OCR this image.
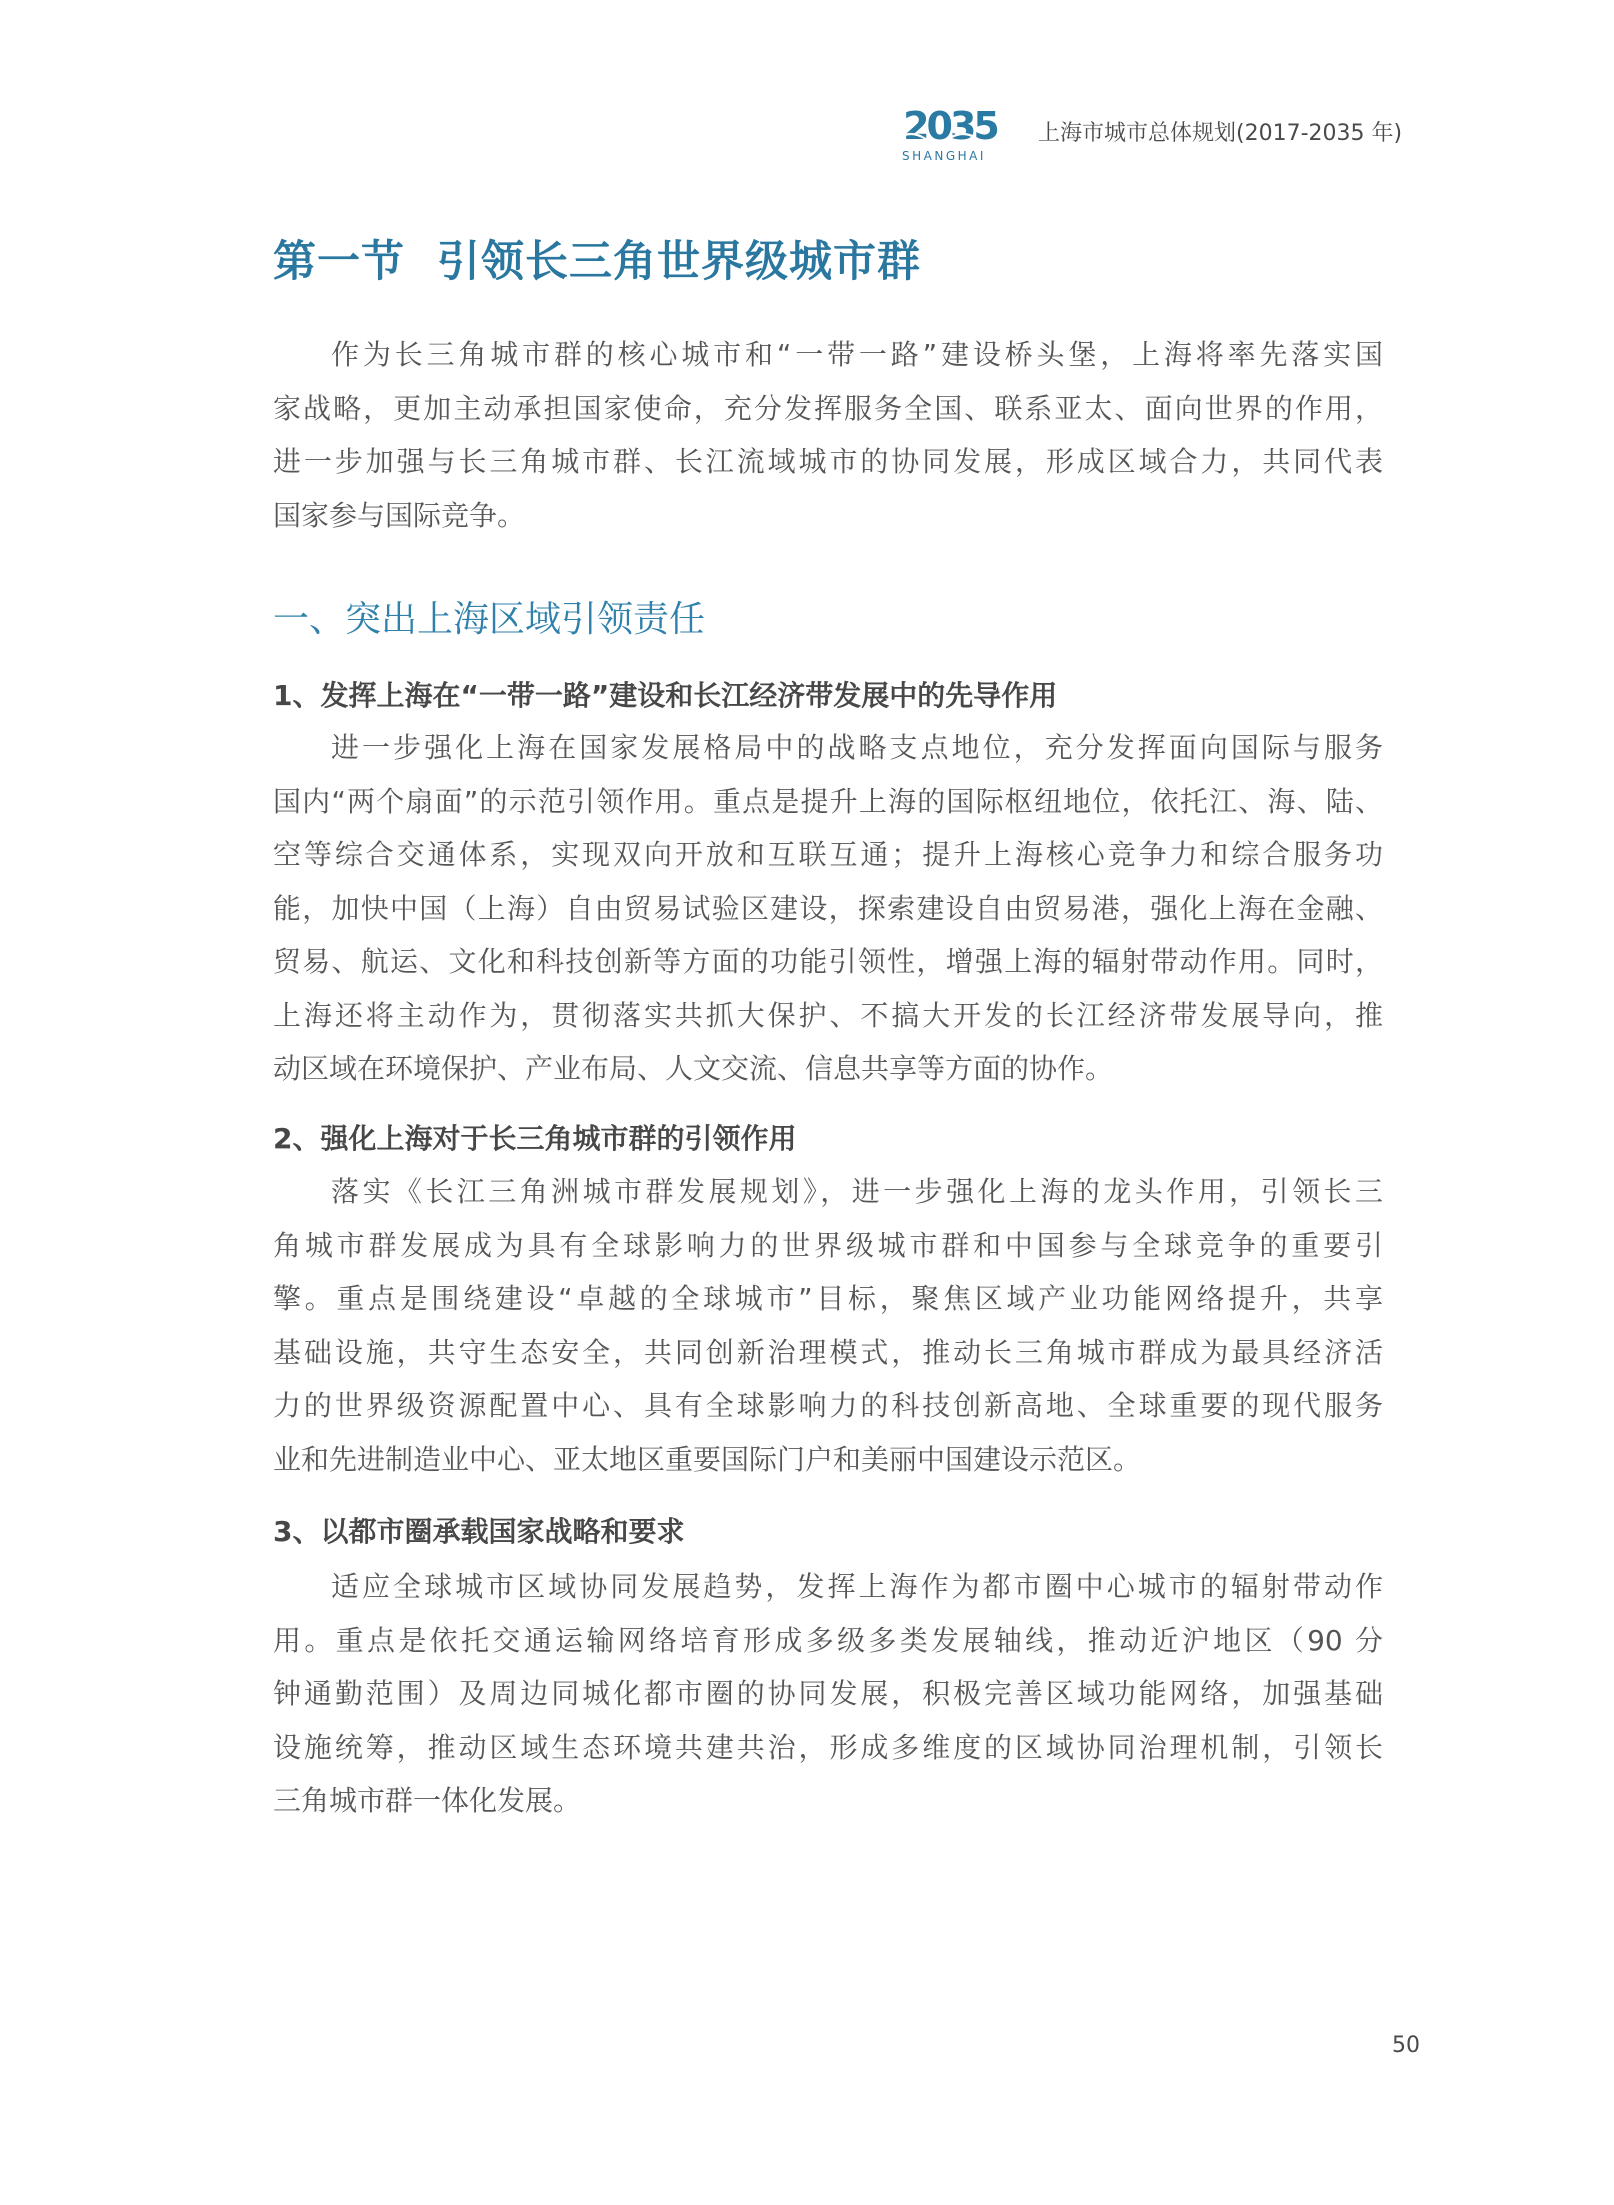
2035
SHANGHAI
上海市城市总体规划(2017-2035 年)
第一节  引领长三角世界级城市群
作为长三角城市群的核心城市和“一带一路”建设桥头堡，上海将率先落实国
家战略，更加主动承担国家使命，充分发挥服务全国、联系亚太、面向世界的作用，
进一步加强与长三角城市群、长江流域城市的协同发展，形成区域合力，共同代表
国家参与国际竞争。
一、突出上海区域引领责任
1、发挥上海在“一带一路”建设和长江经济带发展中的先导作用
进一步强化上海在国家发展格局中的战略支点地位，充分发挥面向国际与服务
国内“两个扇面”的示范引领作用。重点是提升上海的国际枢纽地位，依托江、海、陆、
空等综合交通体系，实现双向开放和互联互通；提升上海核心竞争力和综合服务功
能，加快中国（上海）自由贸易试验区建设，探索建设自由贸易港，强化上海在金融、
贸易、航运、文化和科技创新等方面的功能引领性，增强上海的辐射带动作用。同时，
上海还将主动作为，贯彻落实共抓大保护、不搞大开发的长江经济带发展导向，推
动区域在环境保护、产业布局、人文交流、信息共享等方面的协作。
2、强化上海对于长三角城市群的引领作用
落实《长江三角洲城市群发展规划》，进一步强化上海的龙头作用，引领长三
角城市群发展成为具有全球影响力的世界级城市群和中国参与全球竞争的重要引
擎。重点是围绕建设“卓越的全球城市”目标，聚焦区域产业功能网络提升，共享
基础设施，共守生态安全，共同创新治理模式，推动长三角城市群成为最具经济活
力的世界级资源配置中心、具有全球影响力的科技创新高地、全球重要的现代服务
业和先进制造业中心、亚太地区重要国际门户和美丽中国建设示范区。
3、以都市圈承载国家战略和要求
适应全球城市区域协同发展趋势，发挥上海作为都市圈中心城市的辐射带动作
用。重点是依托交通运输网络培育形成多级多类发展轴线，推动近沪地区（90 分
钟通勤范围）及周边同城化都市圈的协同发展，积极完善区域功能网络，加强基础
设施统筹，推动区域生态环境共建共治，形成多维度的区域协同治理机制，引领长
三角城市群一体化发展。
50
